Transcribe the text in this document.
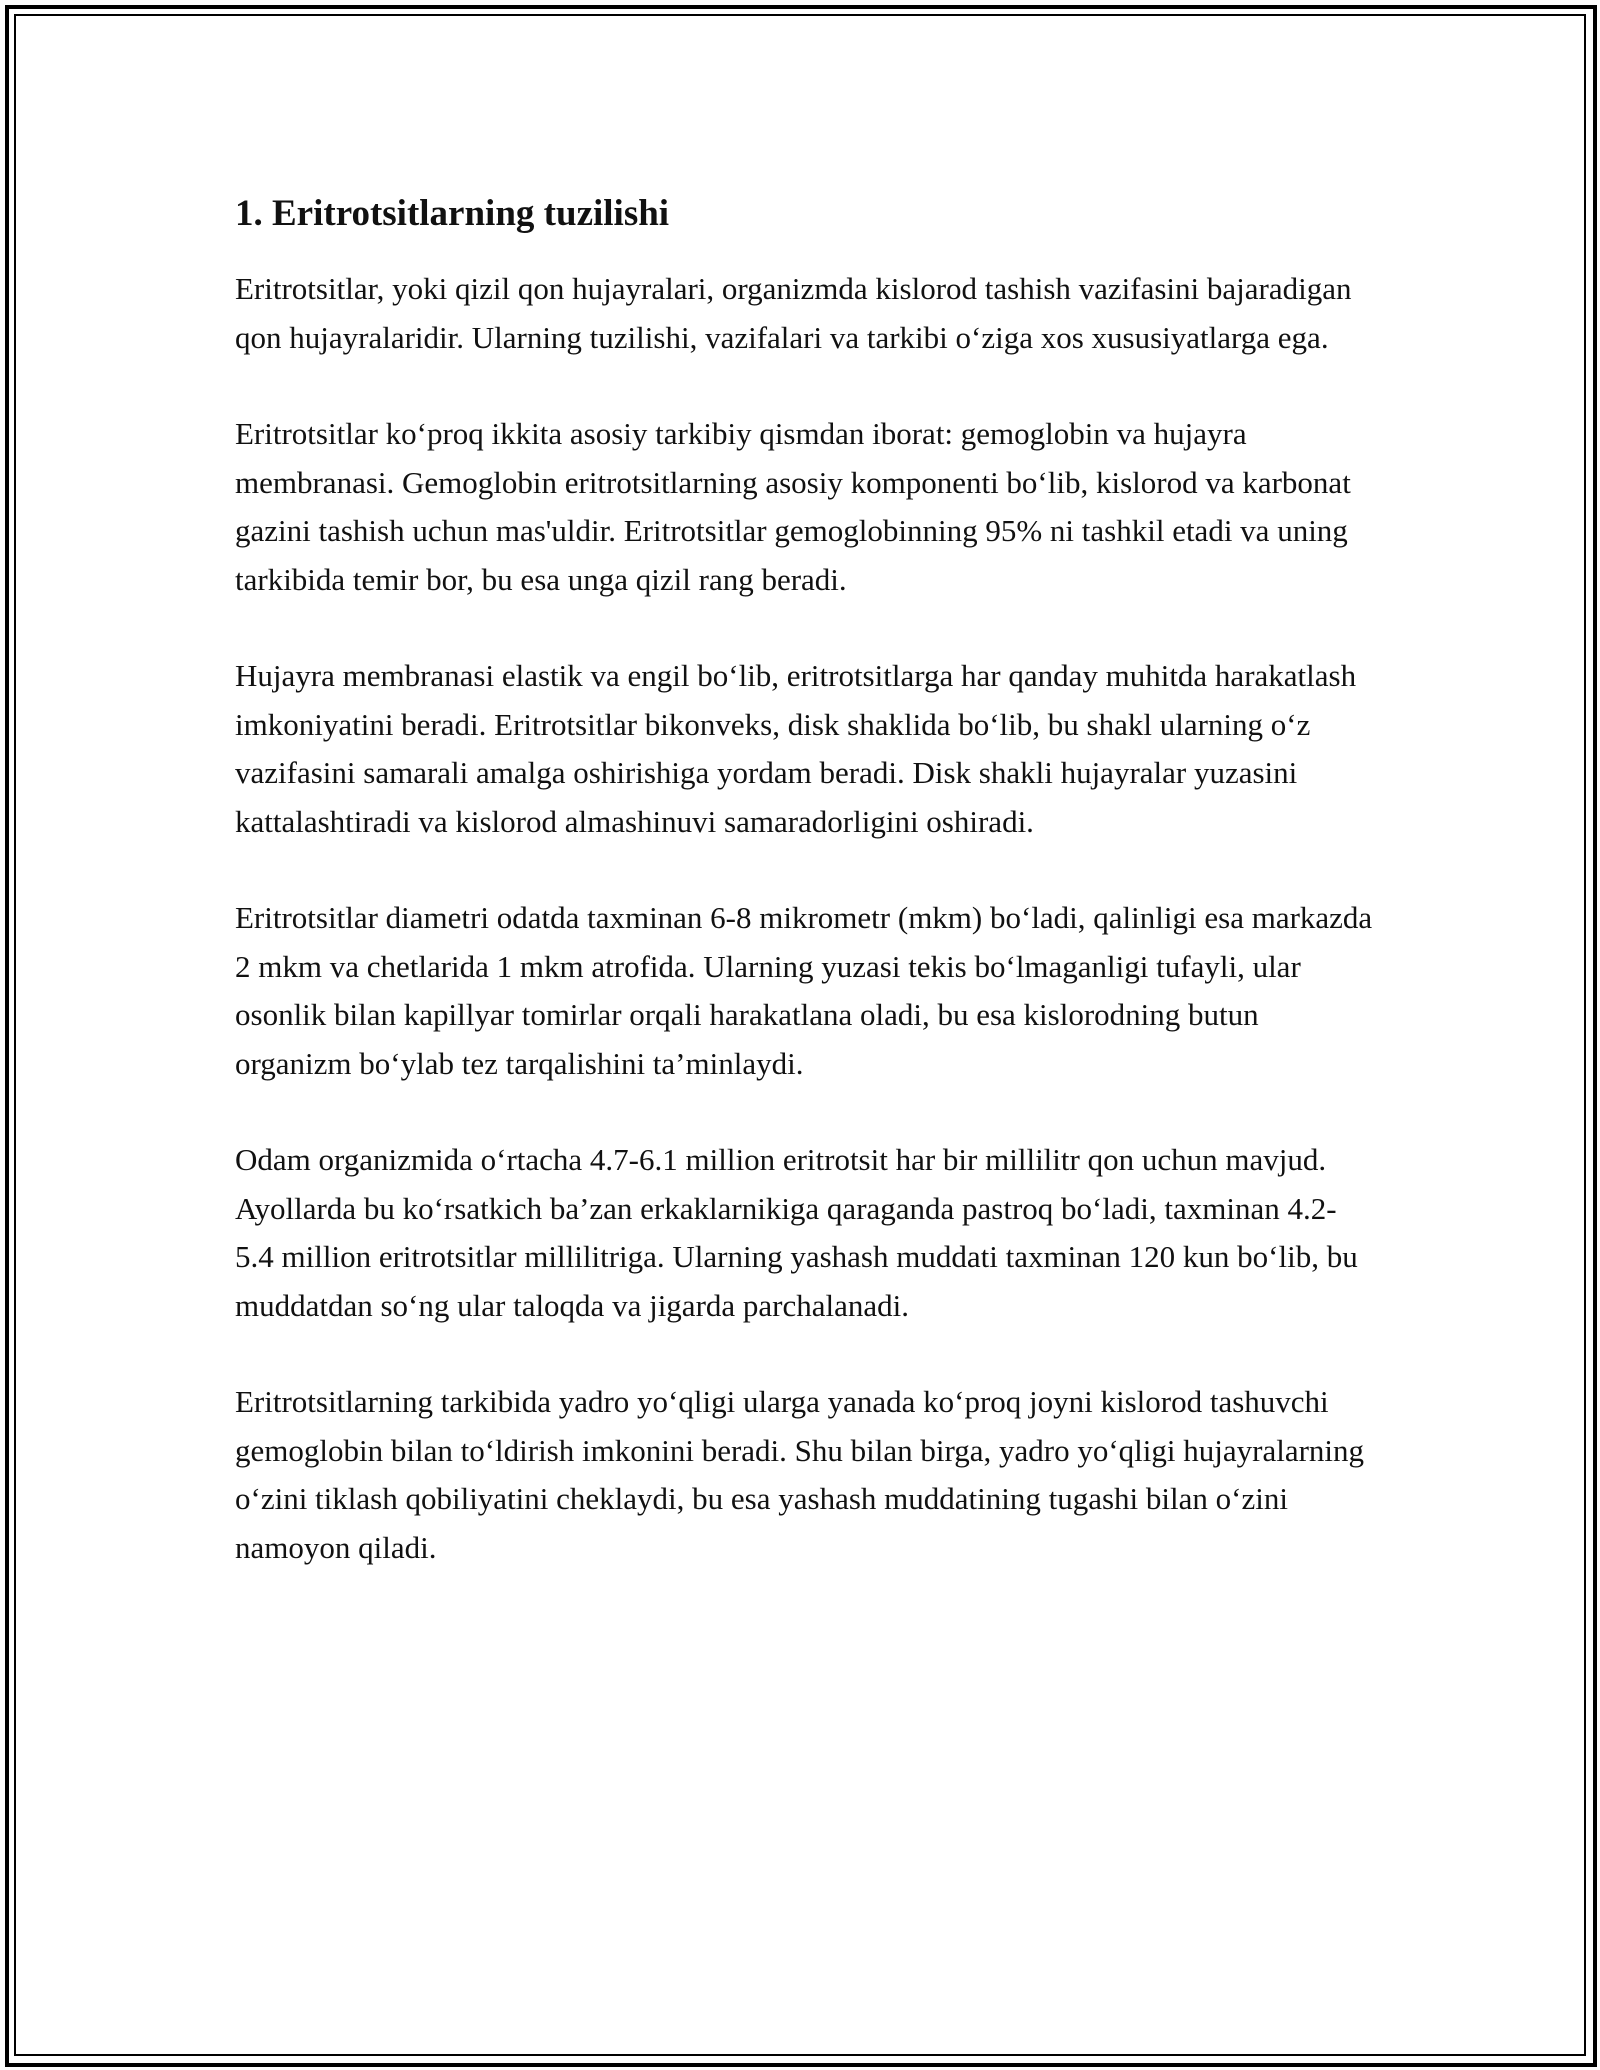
1. Eritrotsitlarning tuzilishi

Eritrotsitlar, yoki qizil qon hujayralari, organizmda kislorod tashish vazifasini bajaradigan qon hujayralaridir. Ularning tuzilishi, vazifalari va tarkibi o‘ziga xos xususiyatlarga ega.

Eritrotsitlar ko‘proq ikkita asosiy tarkibiy qismdan iborat: gemoglobin va hujayra membranasi. Gemoglobin eritrotsitlarning asosiy komponenti bo‘lib, kislorod va karbonat gazini tashish uchun mas'uldir. Eritrotsitlar gemoglobinning 95% ni tashkil etadi va uning tarkibida temir bor, bu esa unga qizil rang beradi.

Hujayra membranasi elastik va engil bo‘lib, eritrotsitlarga har qanday muhitda harakatlash imkoniyatini beradi. Eritrotsitlar bikonveks, disk shaklida bo‘lib, bu shakl ularning o‘z vazifasini samarali amalga oshirishiga yordam beradi. Disk shakli hujayralar yuzasini kattalashtiradi va kislorod almashinuvi samaradorligini oshiradi.

Eritrotsitlar diametri odatda taxminan 6-8 mikrometr (mkm) bo‘ladi, qalinligi esa markazda 2 mkm va chetlarida 1 mkm atrofida. Ularning yuzasi tekis bo‘lmaganligi tufayli, ular osonlik bilan kapillyar tomirlar orqali harakatlana oladi, bu esa kislorodning butun organizm bo‘ylab tez tarqalishini ta’minlaydi.

Odam organizmida o‘rtacha 4.7-6.1 million eritrotsit har bir millilitr qon uchun mavjud. Ayollarda bu ko‘rsatkich ba’zan erkaklarnikiga qaraganda pastroq bo‘ladi, taxminan 4.2-5.4 million eritrotsitlar millilitriga. Ularning yashash muddati taxminan 120 kun bo‘lib, bu muddatdan so‘ng ular taloqda va jigarda parchalanadi.

Eritrotsitlarning tarkibida yadro yo‘qligi ularga yanada ko‘proq joyni kislorod tashuvchi gemoglobin bilan to‘ldirish imkonini beradi. Shu bilan birga, yadro yo‘qligi hujayralarning o‘zini tiklash qobiliyatini cheklaydi, bu esa yashash muddatining tugashi bilan o‘zini namoyon qiladi.
